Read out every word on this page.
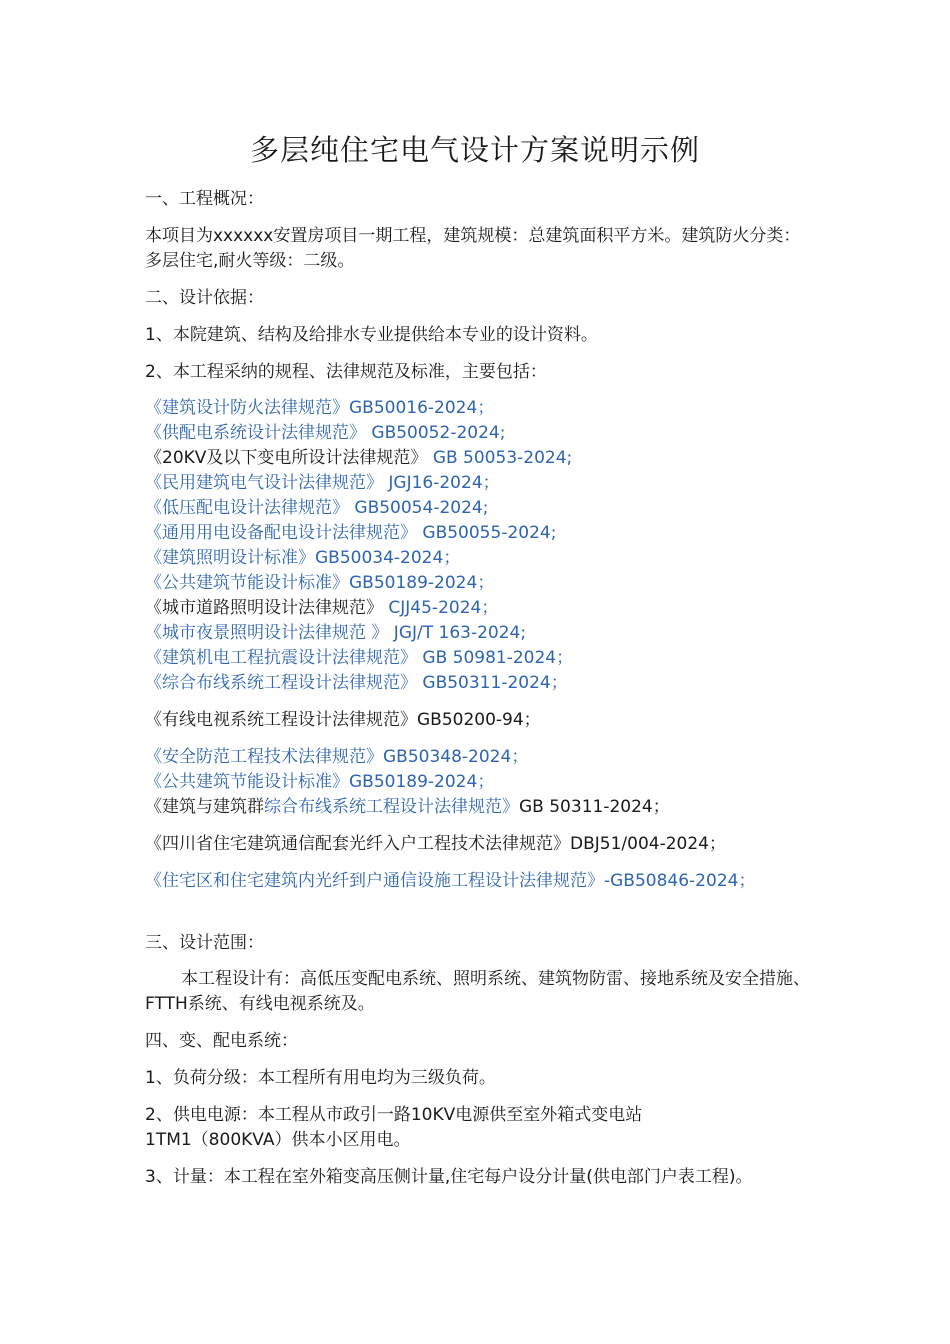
多层纯住宅电气设计方案说明示例
一、工程概况：
本项目为xxxxxx安置房项目一期工程，建筑规模：总建筑面积平方米。建筑防火分类：多层住宅,耐火等级：二级。
二、设计依据：
1、本院建筑、结构及给排水专业提供给本专业的设计资料。
2、本工程采纳的规程、法律规范及标准，主要包括：
《建筑设计防火法律规范》GB50016-2024；
《供配电系统设计法律规范》 GB50052-2024;
《20KV及以下变电所设计法律规范》 GB 50053-2024;
《民用建筑电气设计法律规范》 JGJ16-2024；
《低压配电设计法律规范》 GB50054-2024;
《通用用电设备配电设计法律规范》 GB50055-2024;
《建筑照明设计标准》GB50034-2024；
《公共建筑节能设计标准》GB50189-2024；
《城市道路照明设计法律规范》 CJJ45-2024；
《城市夜景照明设计法律规范 》 JGJ/T 163-2024;
《建筑机电工程抗震设计法律规范》 GB 50981-2024；
《综合布线系统工程设计法律规范》 GB50311-2024；
《有线电视系统工程设计法律规范》GB50200-94；
《安全防范工程技术法律规范》GB50348-2024；
《公共建筑节能设计标准》GB50189-2024；
《建筑与建筑群综合布线系统工程设计法律规范》GB 50311-2024；
《四川省住宅建筑通信配套光纤入户工程技术法律规范》DBJ51/004-2024；
《住宅区和住宅建筑内光纤到户通信设施工程设计法律规范》-GB50846-2024；
三、设计范围：
本工程设计有：高低压变配电系统、照明系统、建筑物防雷、接地系统及安全措施、FTTH系统、有线电视系统及。
四、变、配电系统：
1、负荷分级：本工程所有用电均为三级负荷。
2、供电电源：本工程从市政引一路10KV电源供至室外箱式变电站
1TM1（800KVA）供本小区用电。
3、计量：本工程在室外箱变高压侧计量,住宅每户设分计量(供电部门户表工程)。
